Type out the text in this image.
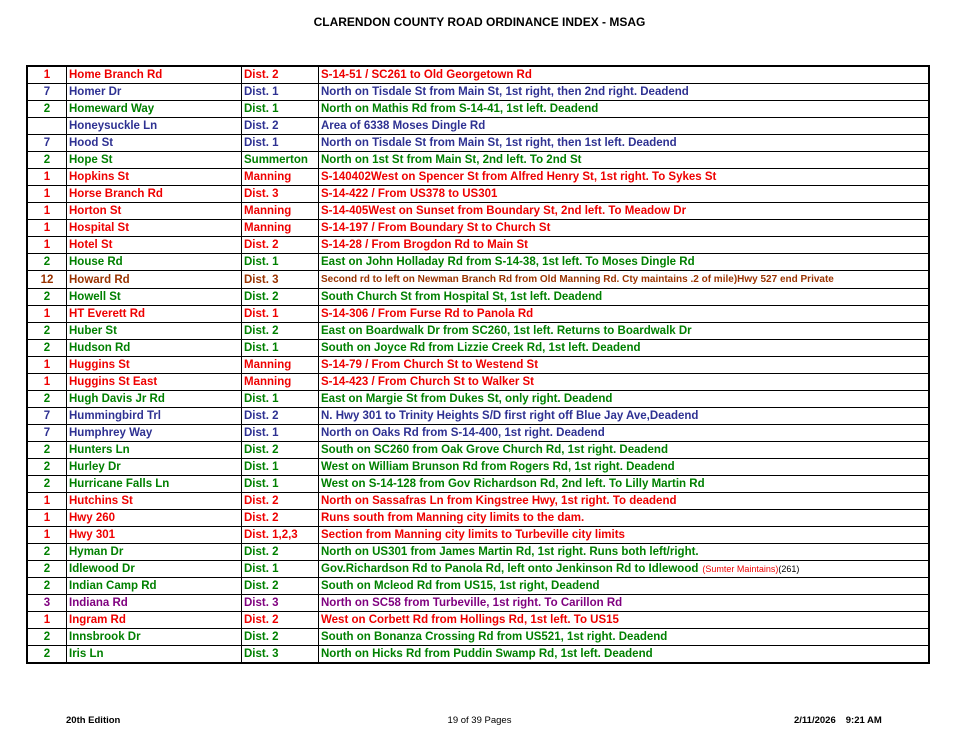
CLARENDON COUNTY ROAD ORDINANCE INDEX - MSAG
1	Home Branch Rd	Dist. 2	S-14-51 / SC261 to Old Georgetown Rd
7	Homer Dr	Dist. 1	North on Tisdale St from Main St, 1st right, then 2nd right. Deadend
2	Homeward Way	Dist. 1	North on Mathis Rd from S-14-41, 1st left. Deadend
	Honeysuckle Ln	Dist. 2	Area of 6338 Moses Dingle Rd
7	Hood St	Dist. 1	North on Tisdale St from Main St, 1st right, then 1st left. Deadend
2	Hope St	Summerton	North on 1st St from Main St, 2nd left. To 2nd St
1	Hopkins St	Manning	S-140402West on Spencer St from Alfred Henry St, 1st right. To Sykes St
1	Horse Branch Rd	Dist. 3	S-14-422 / From US378 to US301
1	Horton St	Manning	S-14-405West on Sunset from Boundary St, 2nd left. To Meadow Dr
1	Hospital St	Manning	S-14-197 / From Boundary St to Church St
1	Hotel St	Dist. 2	S-14-28 / From Brogdon Rd to Main St
2	House Rd	Dist. 1	East on John Holladay Rd from S-14-38, 1st left. To Moses Dingle Rd
12	Howard Rd	Dist. 3	Second rd to left on Newman Branch Rd from Old Manning Rd. Cty maintains .2 of mile)Hwy 527 end Private
2	Howell St	Dist. 2	South Church St from Hospital St, 1st left. Deadend
1	HT Everett Rd	Dist. 1	S-14-306 / From Furse Rd to Panola Rd
2	Huber St	Dist. 2	East on Boardwalk Dr from SC260, 1st left. Returns to Boardwalk Dr
2	Hudson Rd	Dist. 1	South on Joyce Rd from Lizzie Creek Rd, 1st left. Deadend
1	Huggins St	Manning	S-14-79 / From Church St to Westend St
1	Huggins St East	Manning	S-14-423 / From Church St to Walker St
2	Hugh Davis Jr Rd	Dist. 1	East on Margie St from Dukes St, only right. Deadend
7	Hummingbird Trl	Dist. 2	N. Hwy 301 to Trinity Heights S/D first right off Blue Jay Ave,Deadend
7	Humphrey Way	Dist. 1	North on Oaks Rd from S-14-400, 1st right. Deadend
2	Hunters Ln	Dist. 2	South on SC260 from Oak Grove Church Rd, 1st right. Deadend
2	Hurley Dr	Dist. 1	West on William Brunson Rd from Rogers Rd, 1st right. Deadend
2	Hurricane Falls Ln	Dist. 1	West on S-14-128 from Gov Richardson Rd, 2nd left. To Lilly Martin Rd
1	Hutchins St	Dist. 2	North on Sassafras Ln from Kingstree Hwy, 1st right. To deadend
1	Hwy 260	Dist. 2	Runs south from Manning city limits to the dam.
1	Hwy 301	Dist. 1,2,3	Section from Manning city limits to Turbeville city limits
2	Hyman Dr	Dist. 2	North on US301 from James Martin Rd, 1st right. Runs both left/right.
2	Idlewood Dr	Dist. 1	Gov.Richardson Rd to Panola Rd, left onto Jenkinson Rd to Idlewood (Sumter Maintains)(261)
2	Indian Camp Rd	Dist. 2	South on Mcleod Rd from US15, 1st right, Deadend
3	Indiana Rd	Dist. 3	North on SC58 from Turbeville, 1st right. To Carillon Rd
1	Ingram Rd	Dist. 2	West on Corbett Rd from Hollings Rd, 1st left. To US15
2	Innsbrook Dr	Dist. 2	South on Bonanza Crossing Rd from US521, 1st right. Deadend
2	Iris Ln	Dist. 3	North on Hicks Rd from Puddin Swamp Rd, 1st left. Deadend
20th Edition	19 of 39 Pages	2/11/2026 9:21 AM
